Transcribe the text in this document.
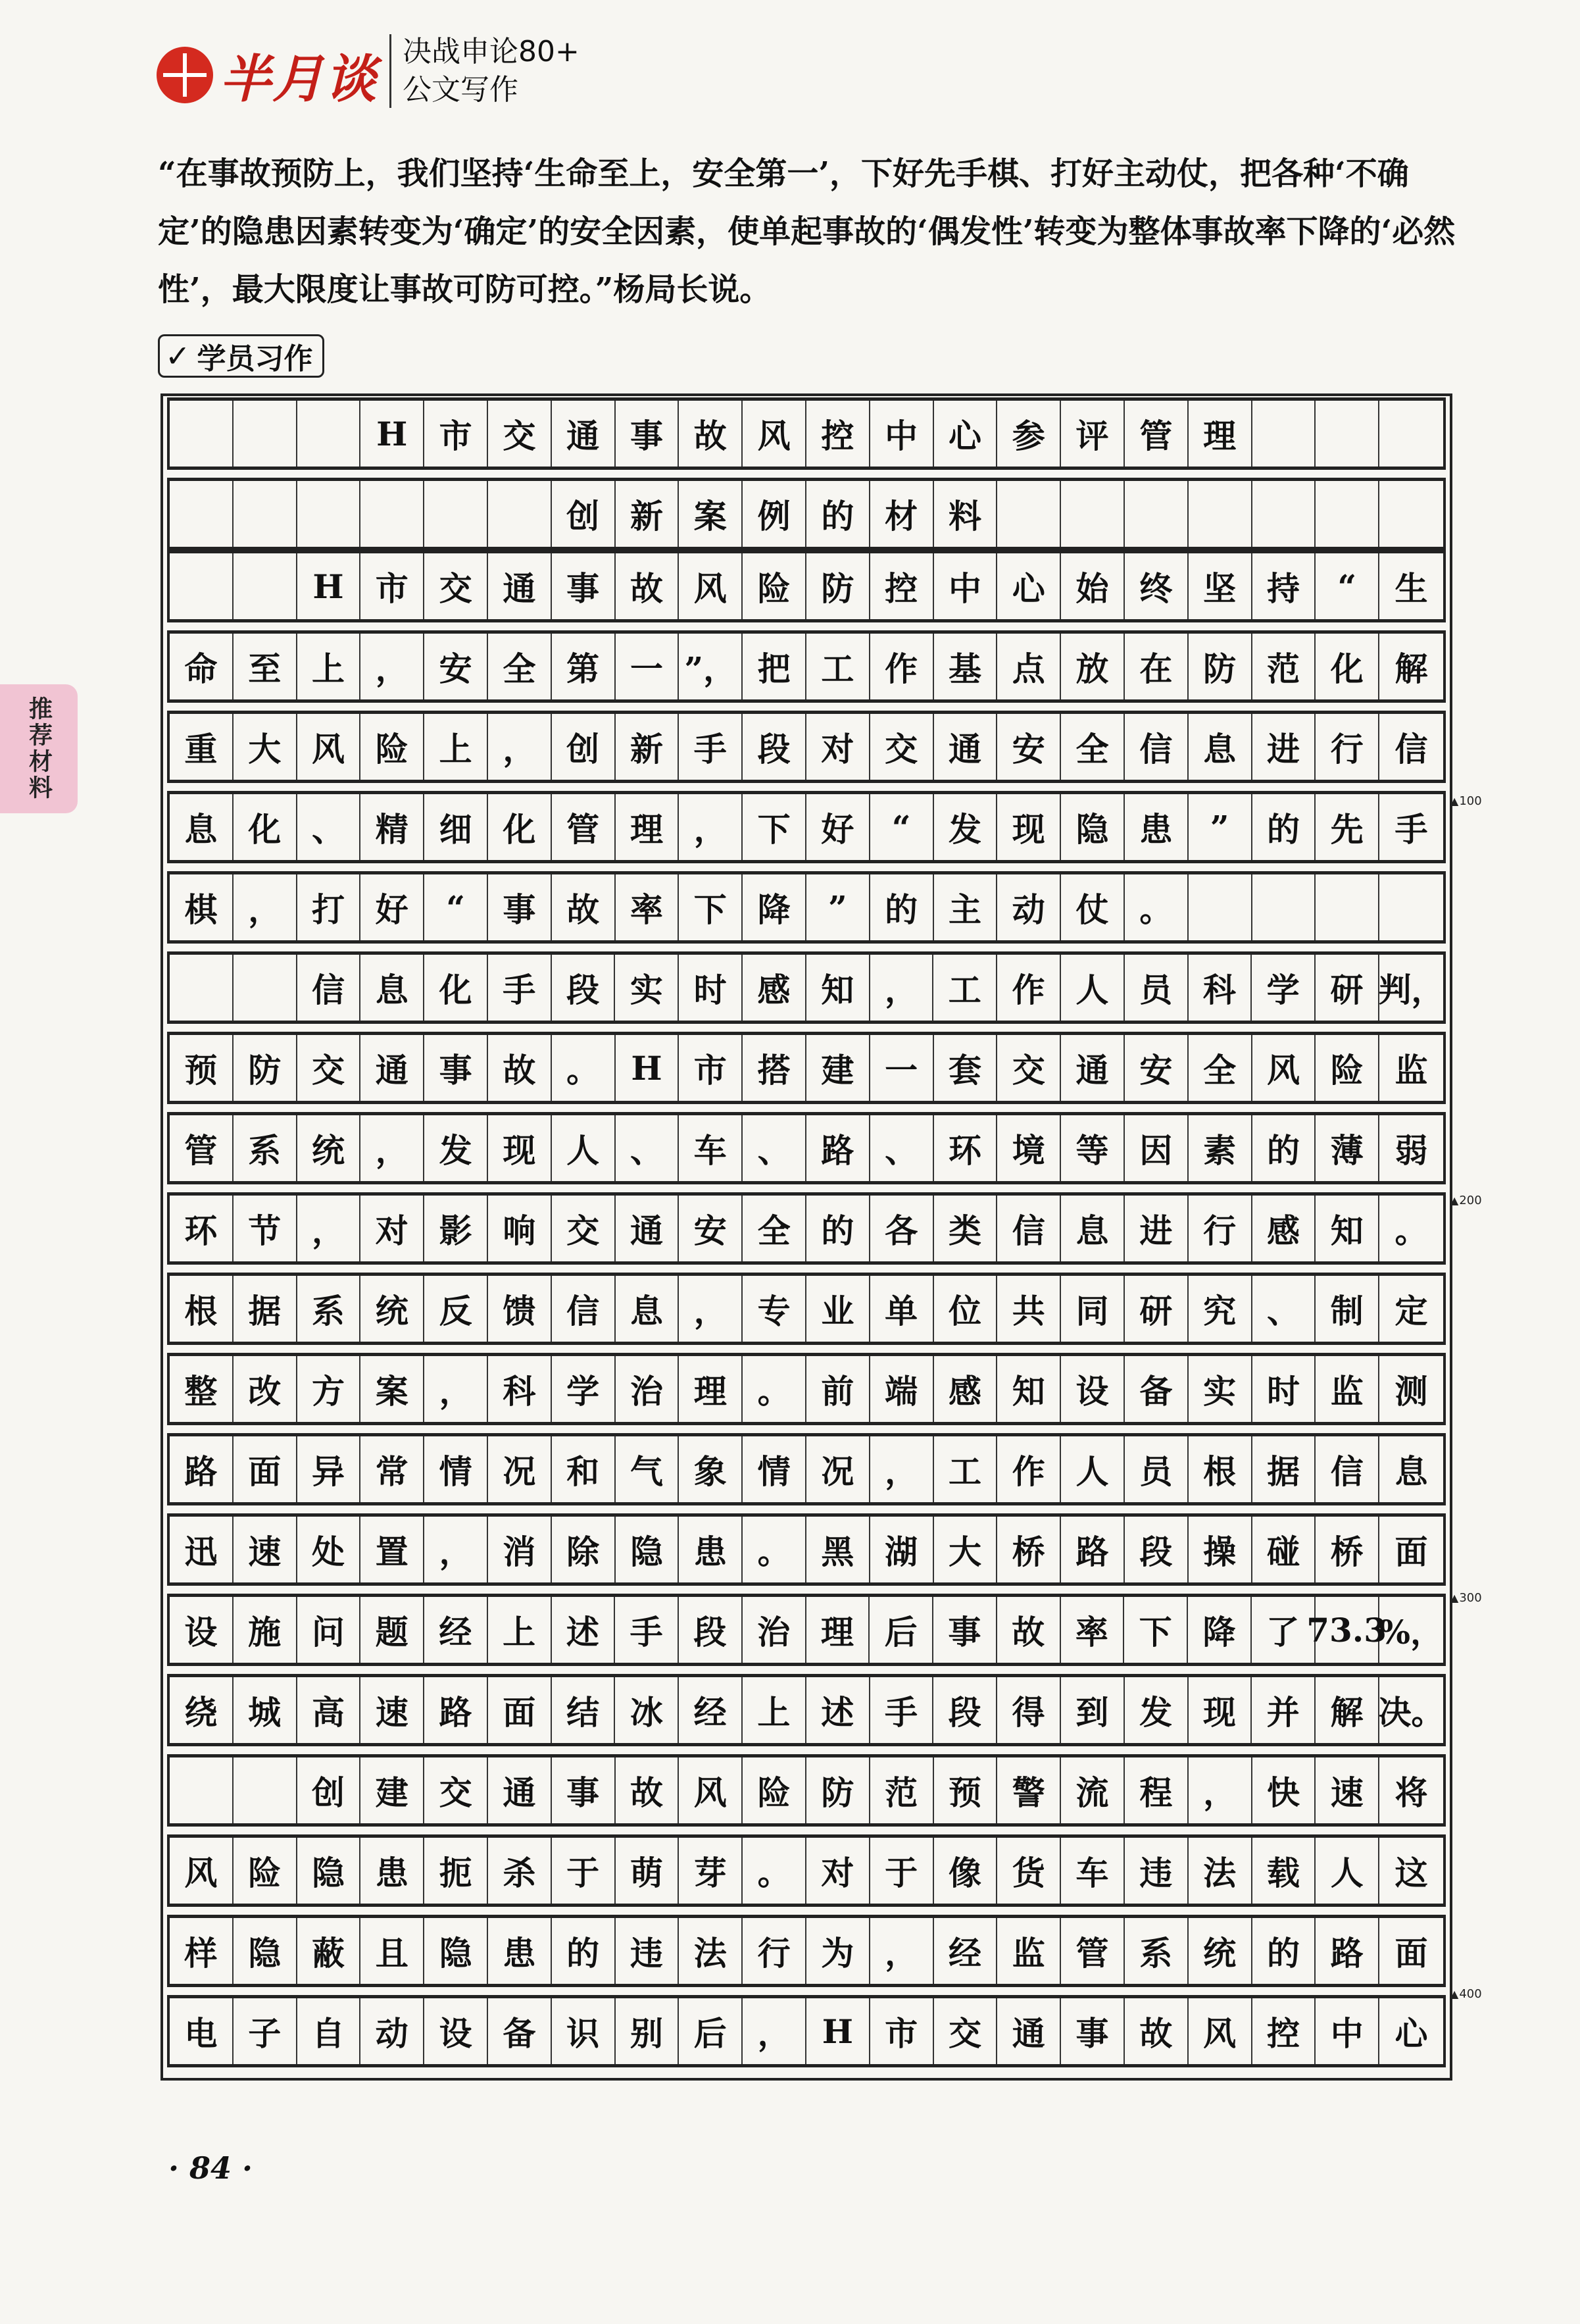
半月谈 决战申论80+
公文写作
“在事故预防上，我们坚持‘生命至上，安全第一’，下好先手棋、打好主动仗，把各种‘不确定’的隐患因素转变为‘确定’的安全因素，使单起事故的‘偶发性’转变为整体事故率下降的‘必然性’，最大限度让事故可防可控。”杨局长说。
✓ 学员习作
推荐材料
H 市 交 通 事 故 风 控 中 心 参 评 管 理
创 新 案 例 的 材 料
H 市 交 通 事 故 风 险 防 控 中 心 始 终 坚 持	“	生
命 至 上 ， 安 全 第 一 ”， 把 工 作 基 点 放 在 防 范 化 解
重 大 风 险 上 ， 创 新 手 段 对 交 通 安 全 信 息 进 行 信
息 化 、 精 细 化 管 理 ， 下 好	“	发 现 隐 患	”	的 先 手
棋 ， 打 好	“	事 故 率 下 降	”	的 主 动 仗 。
信 息 化 手 段 实 时 感 知 ， 工 作 人 员 科 学 研 判，
预 防 交 通 事 故 。 H 市 搭 建 一 套 交 通 安 全 风 险 监
管 系 统 ， 发 现 人 、 车 、 路 、 环 境 等 因 素 的 薄 弱
环 节 ， 对 影 响 交 通 安 全 的 各 类 信 息 进 行 感 知 。
根 据 系 统 反 馈 信 息 ， 专 业 单 位 共 同 研 究 、 制 定
整 改 方 案 ， 科 学 治 理 。 前 端 感 知 设 备 实 时 监 测
路 面 异 常 情 况 和 气 象 情 况 ， 工 作 人 员 根 据 信 息
迅 速 处 置 ， 消 除 隐 患 。 黑 湖 大 桥 路 段 操 碰 桥 面
设 施 问 题 经 上 述 手 段 治 理 后 事 故 率 下 降 了 73.3
%，
绕 城 高 速 路 面 结 冰 经 上 述 手 段 得 到 发 现 并 解 决。
创 建 交 通 事 故 风 险 防 范 预 警 流 程 ， 快 速 将
风 险 隐 患 扼 杀 于 萌 芽 。 对 于 像 货 车 违 法 载 人 这
样 隐 蔽 且 隐 患 的 违 法 行 为 ， 经 监 管 系 统 的 路 面
电 子 自 动 设 备 识 别 后 ， H 市 交 通 事 故 风 控 中 心
▲ 100
▲ 200
▲ 300
▲ 400
· 84 ·
